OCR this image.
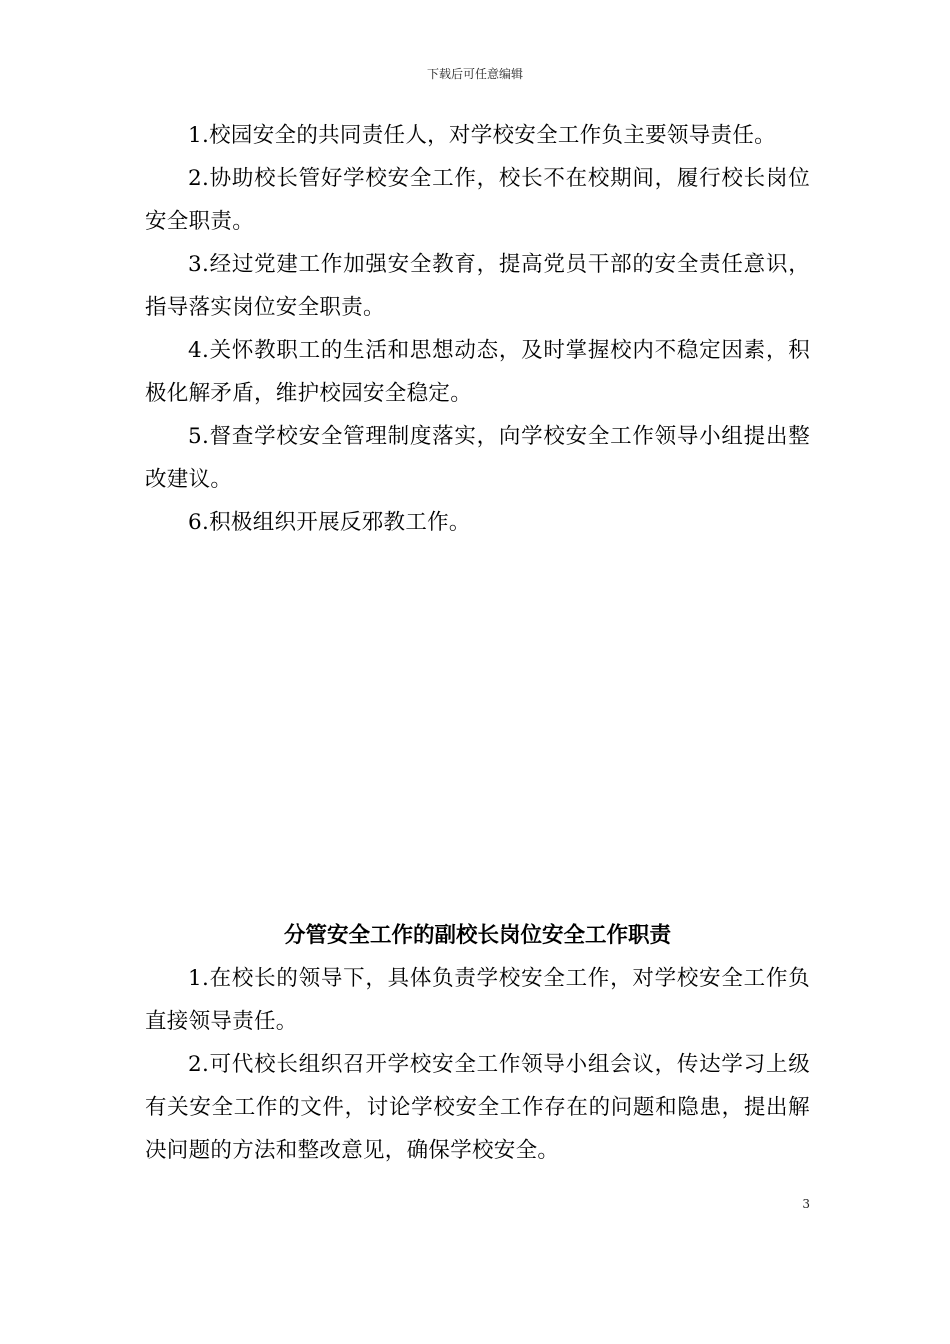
下载后可任意编辑

1.校园安全的共同责任人，对学校安全工作负主要领导责任。

2.协助校长管好学校安全工作，校长不在校期间，履行校长岗位安全职责。

3.经过党建工作加强安全教育，提高党员干部的安全责任意识，指导落实岗位安全职责。

4.关怀教职工的生活和思想动态，及时掌握校内不稳定因素，积极化解矛盾，维护校园安全稳定。

5.督查学校安全管理制度落实，向学校安全工作领导小组提出整改建议。

6.积极组织开展反邪教工作。

分管安全工作的副校长岗位安全工作职责

1.在校长的领导下，具体负责学校安全工作，对学校安全工作负直接领导责任。

2.可代校长组织召开学校安全工作领导小组会议，传达学习上级有关安全工作的文件，讨论学校安全工作存在的问题和隐患，提出解决问题的方法和整改意见，确保学校安全。

3
